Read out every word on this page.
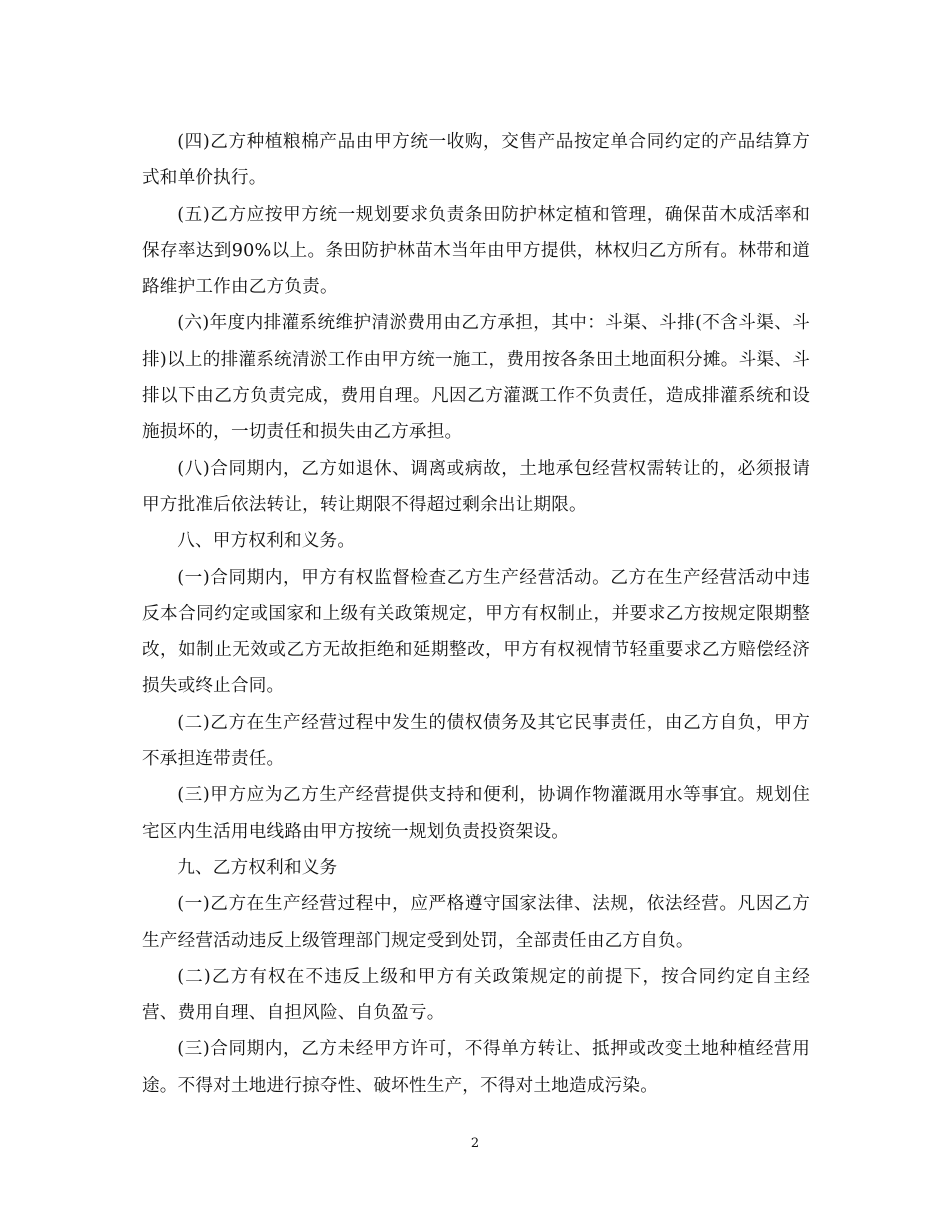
(四)乙方种植粮棉产品由甲方统一收购，交售产品按定单合同约定的产品结算方式和单价执行。

(五)乙方应按甲方统一规划要求负责条田防护林定植和管理，确保苗木成活率和保存率达到90%以上。条田防护林苗木当年由甲方提供，林权归乙方所有。林带和道路维护工作由乙方负责。

(六)年度内排灌系统维护清淤费用由乙方承担，其中：斗渠、斗排(不含斗渠、斗排)以上的排灌系统清淤工作由甲方统一施工，费用按各条田土地面积分摊。斗渠、斗排以下由乙方负责完成，费用自理。凡因乙方灌溉工作不负责任，造成排灌系统和设施损坏的，一切责任和损失由乙方承担。

(八)合同期内，乙方如退休、调离或病故，土地承包经营权需转让的，必须报请甲方批准后依法转让，转让期限不得超过剩余出让期限。

八、甲方权利和义务。

(一)合同期内，甲方有权监督检查乙方生产经营活动。乙方在生产经营活动中违反本合同约定或国家和上级有关政策规定，甲方有权制止，并要求乙方按规定限期整改，如制止无效或乙方无故拒绝和延期整改，甲方有权视情节轻重要求乙方赔偿经济损失或终止合同。

(二)乙方在生产经营过程中发生的债权债务及其它民事责任，由乙方自负，甲方不承担连带责任。

(三)甲方应为乙方生产经营提供支持和便利，协调作物灌溉用水等事宜。规划住宅区内生活用电线路由甲方按统一规划负责投资架设。

九、乙方权利和义务

(一)乙方在生产经营过程中，应严格遵守国家法律、法规，依法经营。凡因乙方生产经营活动违反上级管理部门规定受到处罚，全部责任由乙方自负。

(二)乙方有权在不违反上级和甲方有关政策规定的前提下，按合同约定自主经营、费用自理、自担风险、自负盈亏。

(三)合同期内，乙方未经甲方许可，不得单方转让、抵押或改变土地种植经营用途。不得对土地进行掠夺性、破坏性生产，不得对土地造成污染。

2
